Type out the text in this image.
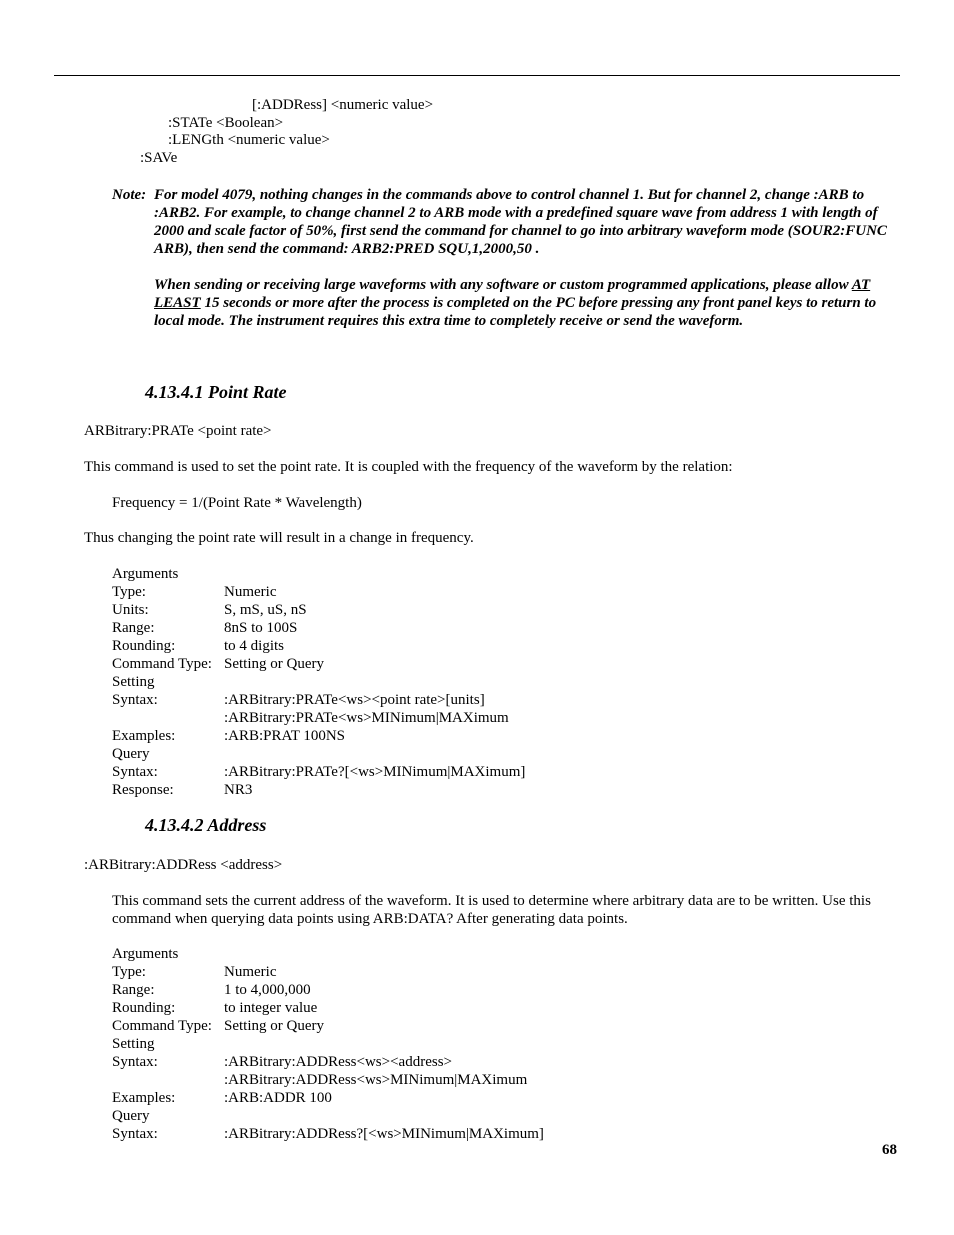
[:ADDRess] <numeric value>
:STATe <Boolean>
:LENGth <numeric value>
:SAVe
Note: For model 4079, nothing changes in the commands above to control channel 1. But for channel 2, change :ARB to :ARB2. For example, to change channel 2 to ARB mode with a predefined square wave from address 1 with length of 2000 and scale factor of 50%, first send the command for channel to go into arbitrary waveform mode (SOUR2:FUNC ARB), then send the command: ARB2:PRED SQU,1,2000,50 .

When sending or receiving large waveforms with any software or custom programmed applications, please allow AT LEAST 15 seconds or more after the process is completed on the PC before pressing any front panel keys to return to local mode. The instrument requires this extra time to completely receive or send the waveform.

4.13.4.1 Point Rate
ARBitrary:PRATe <point rate>
This command is used to set the point rate. It is coupled with the frequency of the waveform by the relation:
Frequency = 1/(Point Rate * Wavelength)
Thus changing the point rate will result in a change in frequency.
Arguments
Type:	Numeric
Units:	S, mS, uS, nS
Range:	8nS to 100S
Rounding:	to 4 digits
Command Type: Setting or Query
Setting
Syntax:	:ARBitrary:PRATe<ws><point rate>[units]
:ARBitrary:PRATe<ws>MINimum|MAXimum
Examples:	:ARB:PRAT 100NS
Query
Syntax:	:ARBitrary:PRATe?[<ws>MINimum|MAXimum]
Response:	NR3
4.13.4.2 Address
:ARBitrary:ADDRess <address>
This command sets the current address of the waveform. It is used to determine where arbitrary data are to be written. Use this command when querying data points using ARB:DATA? After generating data points.
Arguments
Type:	Numeric
Range:	1 to 4,000,000
Rounding:	to integer value
Command Type: Setting or Query
Setting
Syntax:	:ARBitrary:ADDRess<ws><address>
:ARBitrary:ADDRess<ws>MINimum|MAXimum
Examples:	:ARB:ADDR 100
Query
Syntax:	:ARBitrary:ADDRess?[<ws>MINimum|MAXimum]
68
